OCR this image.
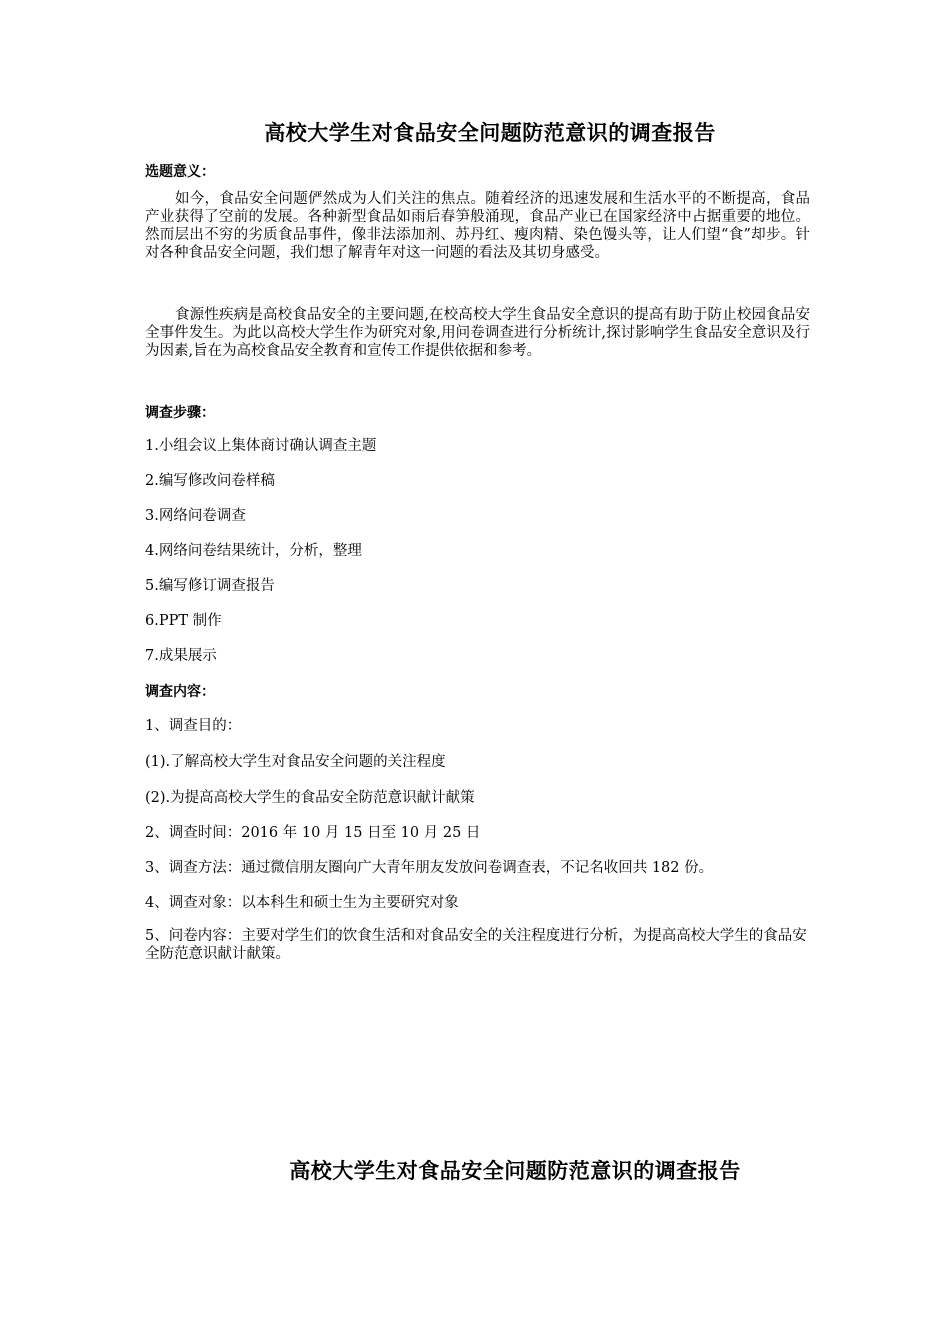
高校大学生对食品安全问题防范意识的调查报告
选题意义：
如今，食品安全问题俨然成为人们关注的焦点。随着经济的迅速发展和生活水平的不断提高，食品产业获得了空前的发展。各种新型食品如雨后春笋般涌现，食品产业已在国家经济中占据重要的地位。然而层出不穷的劣质食品事件，像非法添加剂、苏丹红、瘦肉精、染色馒头等，让人们望“食”却步。针对各种食品安全问题，我们想了解青年对这一问题的看法及其切身感受。
食源性疾病是高校食品安全的主要问题,在校高校大学生食品安全意识的提高有助于防止校园食品安全事件发生。为此以高校大学生作为研究对象,用问卷调查进行分析统计,探讨影响学生食品安全意识及行为因素,旨在为高校食品安全教育和宣传工作提供依据和参考。
调查步骤：
1.小组会议上集体商讨确认调查主题
2.编写修改问卷样稿
3.网络问卷调查
4.网络问卷结果统计，分析，整理
5.编写修订调查报告
6.PPT 制作
7.成果展示
调查内容：
1、调查目的：
(1).了解高校大学生对食品安全问题的关注程度
(2).为提高高校大学生的食品安全防范意识献计献策
2、调查时间：2016 年 10 月 15 日至 10 月 25 日
3、调查方法：通过微信朋友圈向广大青年朋友发放问卷调查表，不记名收回共 182 份。
4、调查对象：以本科生和硕士生为主要研究对象
5、问卷内容：主要对学生们的饮食生活和对食品安全的关注程度进行分析，为提高高校大学生的食品安全防范意识献计献策。
高校大学生对食品安全问题防范意识的调查报告
